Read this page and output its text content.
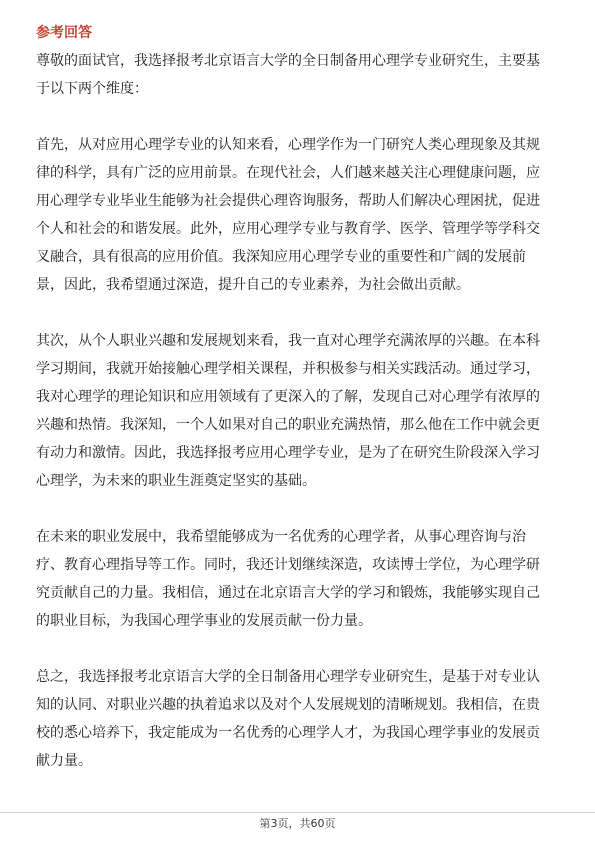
参考回答
尊敬的面试官，我选择报考北京语言大学的全日制备用心理学专业研究生，主要基
于以下两个维度：
首先，从对应用心理学专业的认知来看，心理学作为一门研究人类心理现象及其规
律的科学，具有广泛的应用前景。在现代社会，人们越来越关注心理健康问题，应
用心理学专业毕业生能够为社会提供心理咨询服务，帮助人们解决心理困扰，促进
个人和社会的和谐发展。此外，应用心理学专业与教育学、医学、管理学等学科交
叉融合，具有很高的应用价值。我深知应用心理学专业的重要性和广阔的发展前
景，因此，我希望通过深造，提升自己的专业素养，为社会做出贡献。
其次，从个人职业兴趣和发展规划来看，我一直对心理学充满浓厚的兴趣。在本科
学习期间，我就开始接触心理学相关课程，并积极参与相关实践活动。通过学习，
我对心理学的理论知识和应用领域有了更深入的了解，发现自己对心理学有浓厚的
兴趣和热情。我深知，一个人如果对自己的职业充满热情，那么他在工作中就会更
有动力和激情。因此，我选择报考应用心理学专业，是为了在研究生阶段深入学习
心理学，为未来的职业生涯奠定坚实的基础。
在未来的职业发展中，我希望能够成为一名优秀的心理学者，从事心理咨询与治
疗、教育心理指导等工作。同时，我还计划继续深造，攻读博士学位，为心理学研
究贡献自己的力量。我相信，通过在北京语言大学的学习和锻炼，我能够实现自己
的职业目标，为我国心理学事业的发展贡献一份力量。
总之，我选择报考北京语言大学的全日制备用心理学专业研究生，是基于对专业认
知的认同、对职业兴趣的执着追求以及对个人发展规划的清晰规划。我相信，在贵
校的悉心培养下，我定能成为一名优秀的心理学人才，为我国心理学事业的发展贡
献力量。
第3页，共60页
